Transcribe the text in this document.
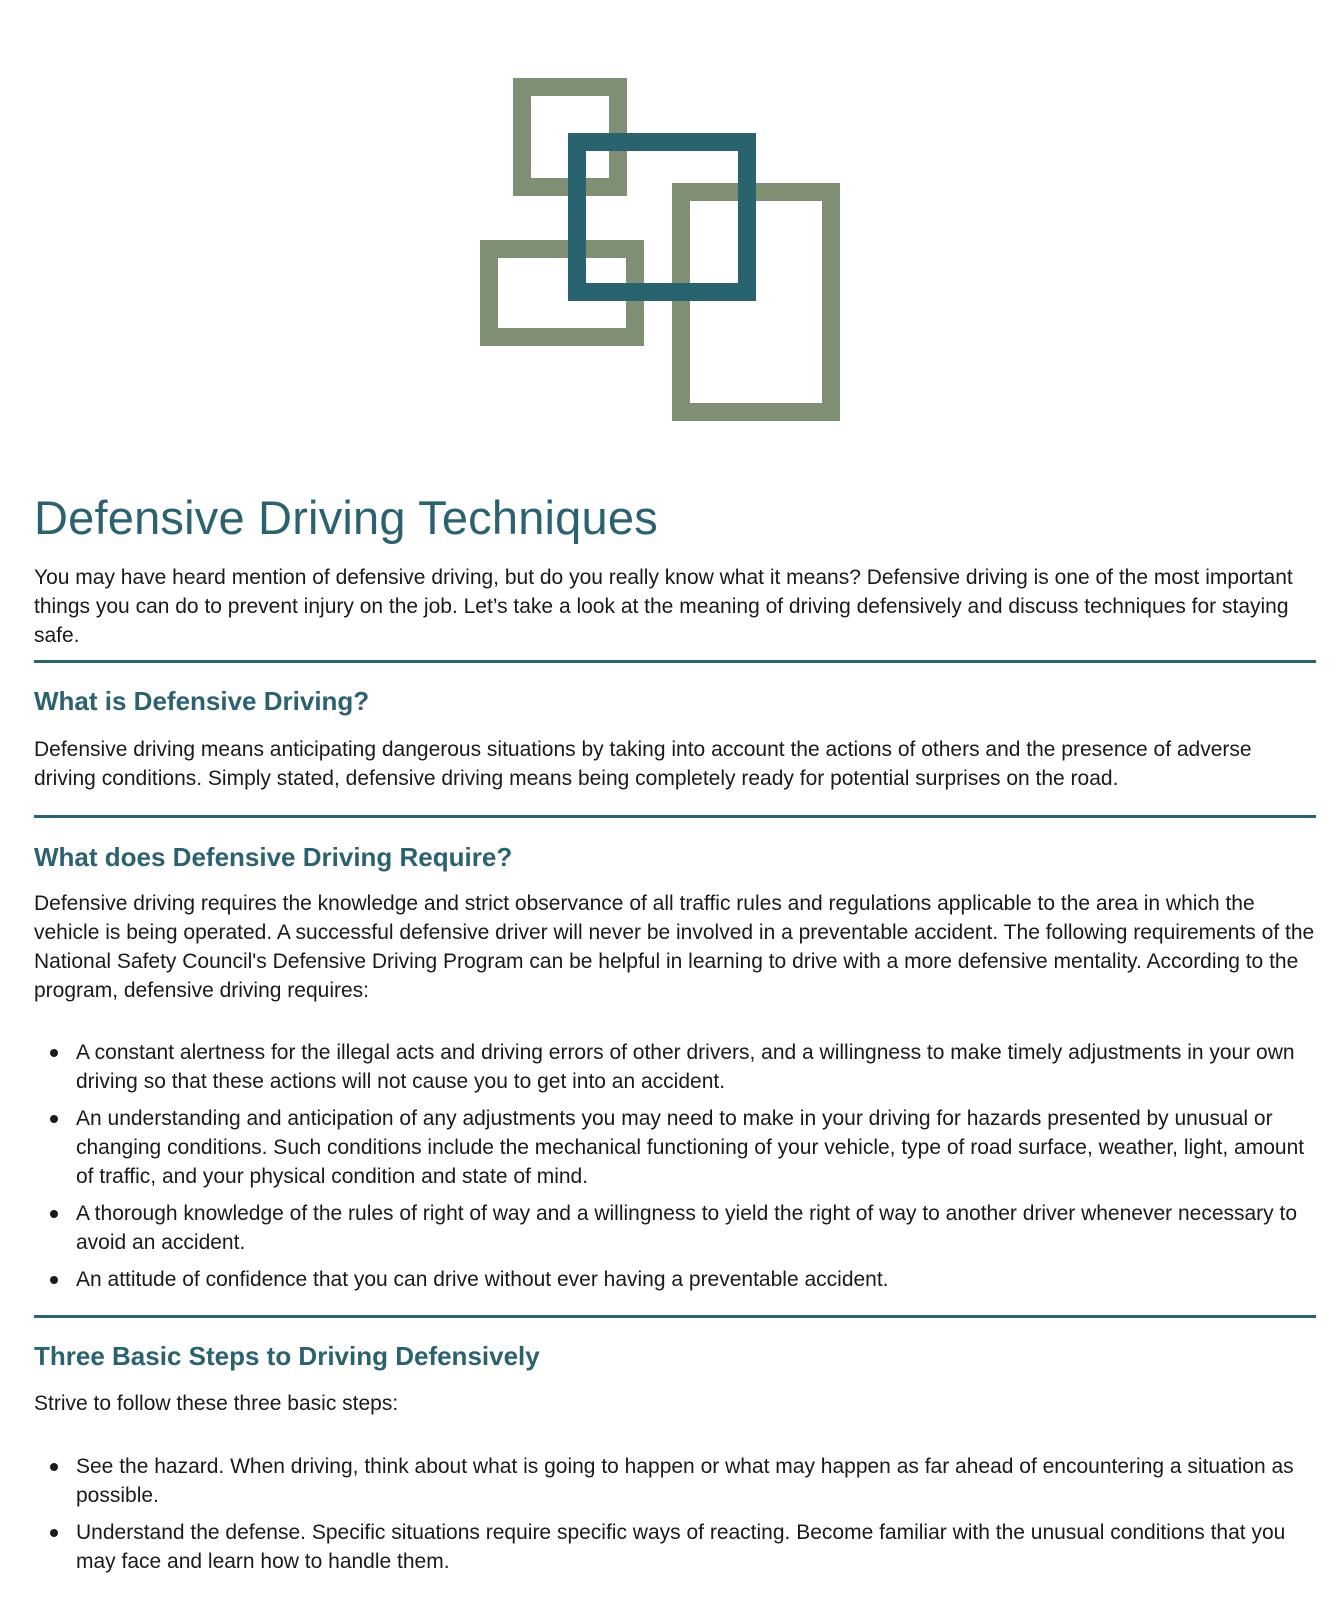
Defensive Driving Techniques

You may have heard mention of defensive driving, but do you really know what it means? Defensive driving is one of the most important things you can do to prevent injury on the job. Let’s take a look at the meaning of driving defensively and discuss techniques for staying safe.

What is Defensive Driving?

Defensive driving means anticipating dangerous situations by taking into account the actions of others and the presence of adverse driving conditions. Simply stated, defensive driving means being completely ready for potential surprises on the road.

What does Defensive Driving Require?

Defensive driving requires the knowledge and strict observance of all traffic rules and regulations applicable to the area in which the vehicle is being operated. A successful defensive driver will never be involved in a preventable accident. The following requirements of the National Safety Council's Defensive Driving Program can be helpful in learning to drive with a more defensive mentality. According to the program, defensive driving requires:

A constant alertness for the illegal acts and driving errors of other drivers, and a willingness to make timely adjustments in your own driving so that these actions will not cause you to get into an accident.
An understanding and anticipation of any adjustments you may need to make in your driving for hazards presented by unusual or changing conditions. Such conditions include the mechanical functioning of your vehicle, type of road surface, weather, light, amount of traffic, and your physical condition and state of mind.
A thorough knowledge of the rules of right of way and a willingness to yield the right of way to another driver whenever necessary to avoid an accident.
An attitude of confidence that you can drive without ever having a preventable accident.
Three Basic Steps to Driving Defensively

Strive to follow these three basic steps:

See the hazard. When driving, think about what is going to happen or what may happen as far ahead of encountering a situation as possible.
Understand the defense. Specific situations require specific ways of reacting. Become familiar with the unusual conditions that you may face and learn how to handle them.
